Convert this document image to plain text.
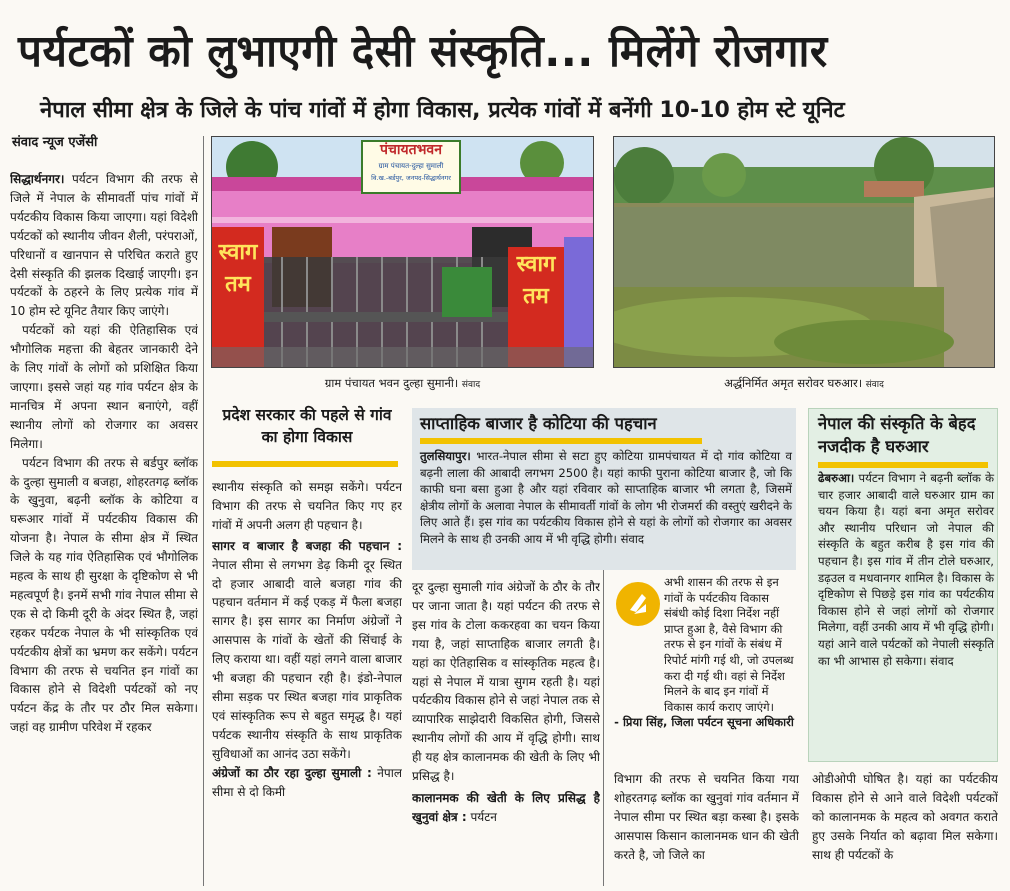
पर्यटकों को लुभाएगी देसी संस्कृति... मिलेंगे रोजगार
नेपाल सीमा क्षेत्र के जिले के पांच गांवों में होगा विकास, प्रत्येक गांवों में बनेंगी 10-10 होम स्टे यूनिट
संवाद न्यूज एजेंसी

सिद्धार्थनगर। पर्यटन विभाग की तरफ से जिले में नेपाल के सीमावर्ती पांच गांवों में पर्यटकीय विकास किया जाएगा। यहां विदेशी पर्यटकों को स्थानीय जीवन शैली, परंपराओं, परिधानों व खानपान से परिचित कराते हुए देसी संस्कृति की झलक दिखाई जाएगी। इन पर्यटकों के ठहरने के लिए प्रत्येक गांव में 10 होम स्टे यूनिट तैयार किए जाएंगे।

पर्यटकों को यहां की ऐतिहासिक एवं भौगोलिक महत्ता की बेहतर जानकारी देने के लिए गांवों के लोगों को प्रशिक्षित किया जाएगा। इससे जहां यह गांव पर्यटन क्षेत्र के मानचित्र में अपना स्थान बनाएंगे, वहीं स्थानीय लोगों को रोजगार का अवसर मिलेगा।

पर्यटन विभाग की तरफ से बर्डपुर ब्लॉक के दुल्हा सुमाली व बजहा, शोहरतगढ़ ब्लॉक के खुनुवा, बढ़नी ब्लॉक के कोटिया व घरूआर गांवों में पर्यटकीय विकास की योजना है। नेपाल के सीमा क्षेत्र में स्थित जिले के यह गांव ऐतिहासिक एवं भौगोलिक महत्व के साथ ही सुरक्षा के दृष्टिकोण से भी महत्वपूर्ण है। इनमें सभी गांव नेपाल सीमा से एक से दो किमी दूरी के अंदर स्थित है, जहां रहकर पर्यटक नेपाल के भी सांस्कृतिक एवं पर्यटकीय क्षेत्रों का भ्रमण कर सकेंगे। पर्यटन विभाग की तरफ से चयनित इन गांवों का विकास होने से विदेशी पर्यटकों को नए पर्यटन केंद्र के तौर पर ठौर मिल सकेगा। जहां वह ग्रामीण परिवेश में रहकर

पंचायतभवन
ग्राम पंचायत-दुल्हा सुमाली
वि.ख.-बर्डपुर, जनपद-सिद्धार्थनगर
स्वागतम
स्वागतम
ग्राम पंचायत भवन दुल्हा सुमानी। संवाद	अर्द्धनिर्मित अमृत सरोवर घरुआर। संवाद
प्रदेश सरकार की पहले से गांव का होगा विकास

स्थानीय संस्कृति को समझ सकेंगे। पर्यटन विभाग की तरफ से चयनित किए गए हर गांवों में अपनी अलग ही पहचान है।

सागर व बाजार है बजहा की पहचान : नेपाल सीमा से लगभग डेढ़ किमी दूर स्थित दो हजार आबादी वाले बजहा गांव की पहचान वर्तमान में कई एकड़ में फैला बजहा सागर है। इस सागर का निर्माण अंग्रेजों ने आसपास के गांवों के खेतों की सिंचाई के लिए कराया था। वहीं यहां लगने वाला बाजार भी बजहा की पहचान रही है। इंडो-नेपाल सीमा सड़क पर स्थित बजहा गांव प्राकृतिक एवं सांस्कृतिक रूप से बहुत समृद्ध है। यहां पर्यटक स्थानीय संस्कृति के साथ प्राकृतिक सुविधाओं का आनंद उठा सकेंगे।

अंग्रेजों का ठौर रहा दुल्हा सुमाली : नेपाल सीमा से दो किमी

साप्ताहिक बाजार है कोटिया की पहचान

तुलसियापुर। भारत-नेपाल सीमा से सटा हुए कोटिया ग्रामपंचायत में दो गांव कोटिया व बढ़नी लाला की आबादी लगभग 2500 है। यहां काफी पुराना कोटिया बाजार है, जो कि काफी घना बसा हुआ है और यहां रविवार को साप्ताहिक बाजार भी लगता है, जिसमें क्षेत्रीय लोगों के अलावा नेपाल के सीमावर्ती गांवों के लोग भी रोजमर्रा की वस्तुएं खरीदने के लिए आते हैं। इस गांव का पर्यटकीय विकास होने से यहां के लोगों को रोजगार का अवसर मिलने के साथ ही उनकी आय में भी वृद्धि होगी। संवाद

दूर दुल्हा सुमाली गांव अंग्रेजों के ठौर के तौर पर जाना जाता है। यहां पर्यटन की तरफ से इस गांव के टोला ककरहवा का चयन किया गया है, जहां साप्ताहिक बाजार लगती है। यहां का ऐतिहासिक व सांस्कृतिक महत्व है। यहां से नेपाल में यात्रा सुगम रहती है। यहां पर्यटकीय विकास होने से जहां नेपाल तक से व्यापारिक साझेदारी विकसित होगी, जिससे स्थानीय लोगों की आय में वृद्धि होगी। साथ ही यह क्षेत्र कालानमक की खेती के लिए भी प्रसिद्ध है।

कालानमक की खेती के लिए प्रसिद्ध है खुनुवां क्षेत्र : पर्यटन

अभी शासन की तरफ से इन गांवों के पर्यटकीय विकास संबंधी कोई दिशा निर्देश नहीं प्राप्त हुआ है, वैसे विभाग की तरफ से इन गांवों के संबंध में रिपोर्ट मांगी गई थी, जो उपलब्ध करा दी गई थी। वहां से निर्देश मिलने के बाद इन गांवों में विकास कार्य कराए जाएंगे।

- प्रिया सिंह, जिला पर्यटन सूचना अधिकारी

विभाग की तरफ से चयनित किया गया शोहरतगढ़ ब्लॉक का खुनुवां गांव वर्तमान में नेपाल सीमा पर स्थित बड़ा कस्बा है। इसके आसपास किसान कालानमक धान की खेती करते है, जो जिले का

नेपाल की संस्कृति के बेहद नजदीक है घरुआर

ढेबरुआ। पर्यटन विभाग ने बढ़नी ब्लॉक के चार हजार आबादी वाले घरुआर ग्राम का चयन किया है। यहां बना अमृत सरोवर और स्थानीय परिधान जो नेपाल की संस्कृति के बहुत करीब है इस गांव की पहचान है। इस गांव में तीन टोले घरुआर, डढ़उल व मधवानगर शामिल है। विकास के दृष्टिकोण से पिछड़े इस गांव का पर्यटकीय विकास होने से जहां लोगों को रोजगार मिलेगा, वहीं उनकी आय में भी वृद्धि होगी। यहां आने वाले पर्यटकों को नेपाली संस्कृति का भी आभास हो सकेगा। संवाद

ओडीओपी घोषित है। यहां का पर्यटकीय विकास होने से आने वाले विदेशी पर्यटकों को कालानमक के महत्व को अवगत कराते हुए उसके निर्यात को बढ़ावा मिल सकेगा। साथ ही पर्यटकों के
